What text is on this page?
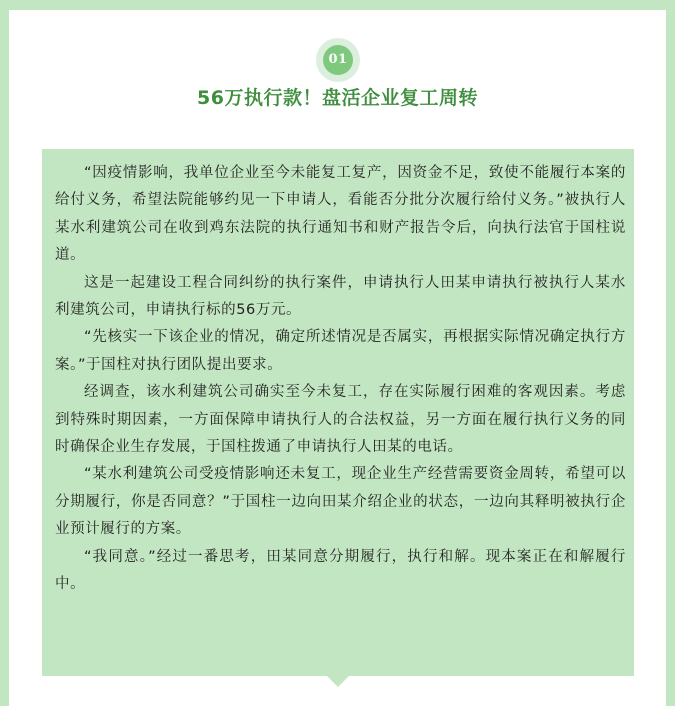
01
56万执行款！盘活企业复工周转

“因疫情影响，我单位企业至今未能复工复产，因资金不足，致使不能履行本案的给付义务，希望法院能够约见一下申请人，看能否分批分次履行给付义务。”被执行人某水利建筑公司在收到鸡东法院的执行通知书和财产报告令后，向执行法官于国柱说道。

这是一起建设工程合同纠纷的执行案件，申请执行人田某申请执行被执行人某水利建筑公司，申请执行标的56万元。

“先核实一下该企业的情况，确定所述情况是否属实，再根据实际情况确定执行方案。”于国柱对执行团队提出要求。

经调查，该水利建筑公司确实至今未复工，存在实际履行困难的客观因素。考虑到特殊时期因素，一方面保障申请执行人的合法权益，另一方面在履行执行义务的同时确保企业生存发展，于国柱拨通了申请执行人田某的电话。

“某水利建筑公司受疫情影响还未复工，现企业生产经营需要资金周转，希望可以分期履行，你是否同意？”于国柱一边向田某介绍企业的状态，一边向其释明被执行企业预计履行的方案。

“我同意。”经过一番思考，田某同意分期履行，执行和解。现本案正在和解履行中。
